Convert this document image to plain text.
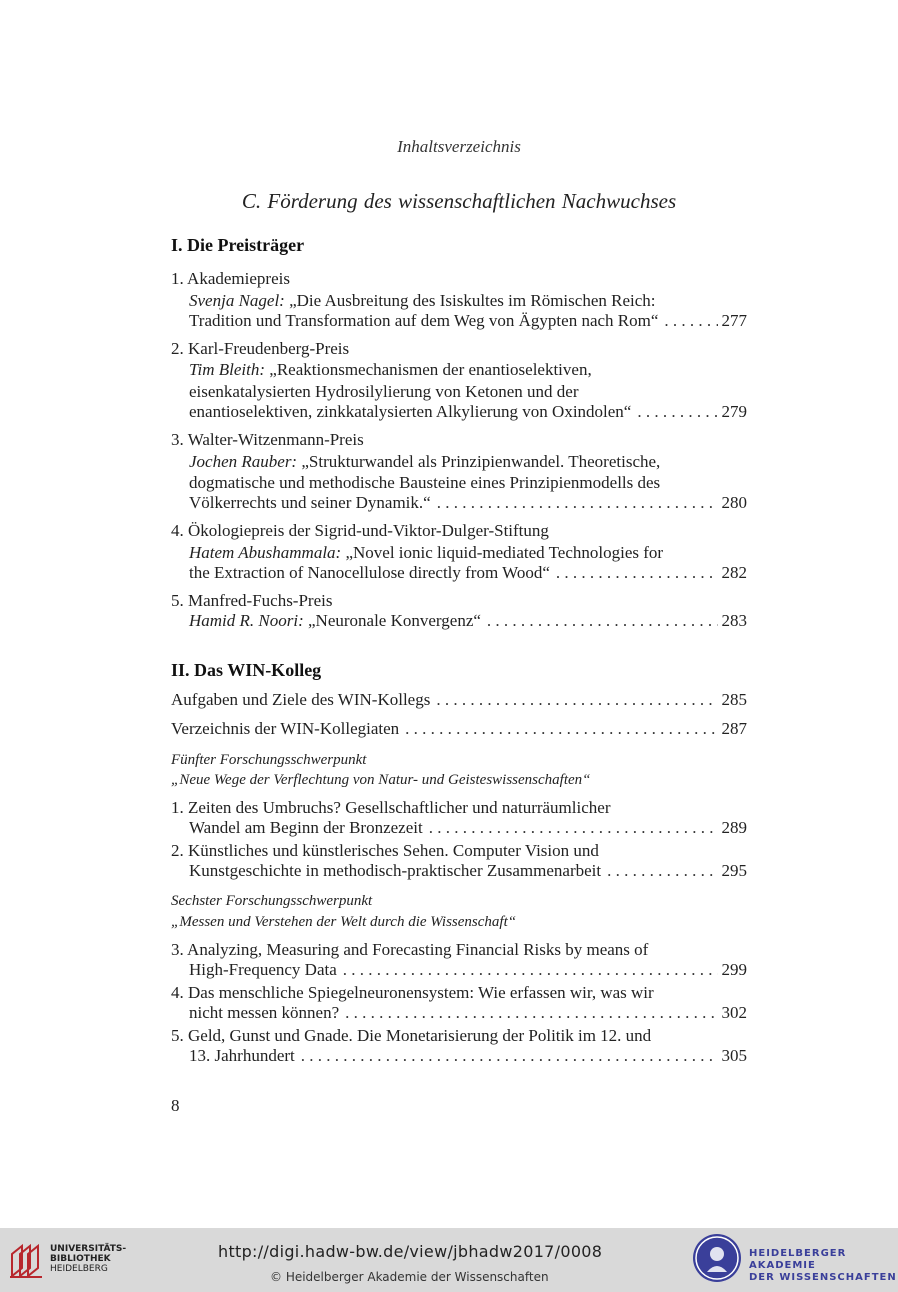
Inhaltsverzeichnis
C. Förderung des wissenschaftlichen Nachwuchses
I. Die Preisträger
1. Akademiepreis
Svenja Nagel: „Die Ausbreitung des Isiskultes im Römischen Reich:
Tradition und Transformation auf dem Weg von Ägypten nach Rom“ . . .	277
2. Karl-Freudenberg-Preis
Tim Bleith: „Reaktionsmechanismen der enantioselektiven,
eisenkatalysierten Hydrosilylierung von Ketonen und der
enantioselektiven, zinkkatalysierten Alkylierung von Oxindolen“ . . .	279
3. Walter-Witzenmann-Preis
Jochen Rauber: „Strukturwandel als Prinzipienwandel. Theoretische,
dogmatische und methodische Bausteine eines Prinzipienmodells des
Völkerrechts und seiner Dynamik.“ . . .	280
4. Ökologiepreis der Sigrid-und-Viktor-Dulger-Stiftung
Hatem Abushammala: „Novel ionic liquid-mediated Technologies for
the Extraction of Nanocellulose directly from Wood“ . . .	282
5. Manfred-Fuchs-Preis
Hamid R. Noori: „Neuronale Konvergenz“ . . .	283
II. Das WIN-Kolleg
Aufgaben und Ziele des WIN-Kollegs . . .	285
Verzeichnis der WIN-Kollegiaten . . .	287
Fünfter Forschungsschwerpunkt
„Neue Wege der Verflechtung von Natur- und Geisteswissenschaften“
1. Zeiten des Umbruchs? Gesellschaftlicher und naturräumlicher
Wandel am Beginn der Bronzezeit . . .	289
2. Künstliches und künstlerisches Sehen. Computer Vision und
Kunstgeschichte in methodisch-praktischer Zusammenarbeit . . .	295
Sechster Forschungsschwerpunkt
„Messen und Verstehen der Welt durch die Wissenschaft“
3. Analyzing, Measuring and Forecasting Financial Risks by means of
High-Frequency Data . . .	299
4. Das menschliche Spiegelneuronensystem: Wie erfassen wir, was wir
nicht messen können? . . .	302
5. Geld, Gunst und Gnade. Die Monetarisierung der Politik im 12. und
13. Jahrhundert . . .	305
8
UNIVERSITÄTS-
BIBLIOTHEK
HEIDELBERG
http://digi.hadw-bw.de/view/jbhadw2017/0008
© Heidelberger Akademie der Wissenschaften
HEIDELBERGER AKADEMIE
DER WISSENSCHAFTEN
